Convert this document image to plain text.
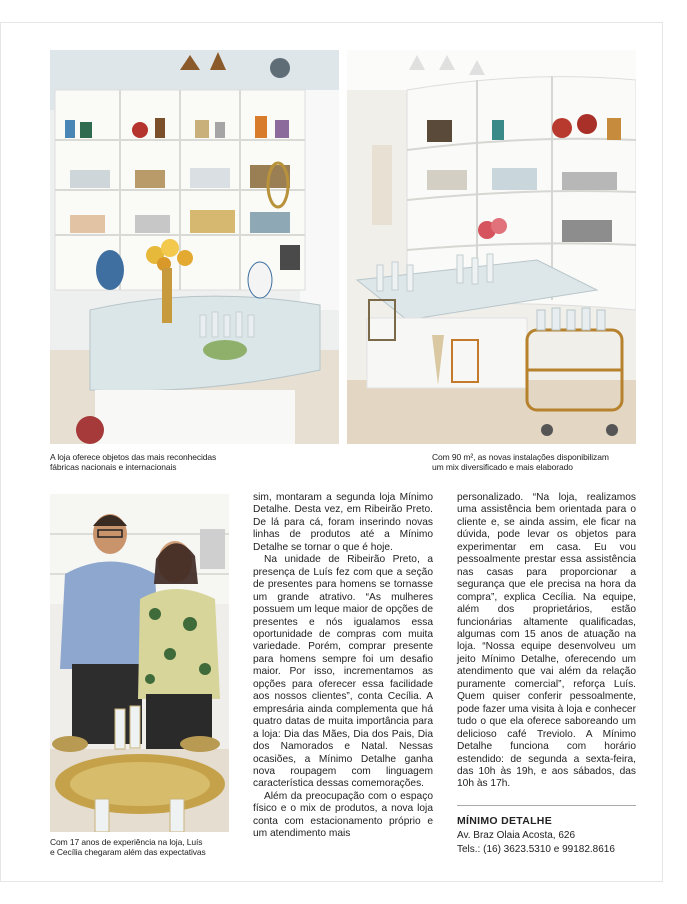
A loja oferece objetos das mais reconhecidas
fábricas nacionais e internacionais
Com 90 m², as novas instalações disponibilizam
um mix diversificado e mais elaborado
Com 17 anos de experiência na loja, Luís
e Cecília chegaram além das expectativas

sim, montaram a segunda loja Mínimo Detalhe. Desta vez, em Ribeirão Preto. De lá para cá, foram inserindo novas linhas de produtos até a Mínimo Detalhe se tornar o que é hoje.

Na unidade de Ribeirão Preto, a presença de Luís fez com que a seção de presentes para homens se tornasse um grande atrativo. “As mulheres possuem um leque maior de opções de presentes e nós igualamos essa oportunidade de compras com muita variedade. Porém, comprar presente para homens sempre foi um desafio maior. Por isso, incrementamos as opções para oferecer essa facilidade aos nossos clientes”, conta Cecília. A empresária ainda complementa que há quatro datas de muita importância para a loja: Dia das Mães, Dia dos Pais, Dia dos Namorados e Natal. Nessas ocasiões, a Mínimo Detalhe ganha nova roupagem com linguagem característica dessas comemorações.

Além da preocupação com o espaço físico e o mix de produtos, a nova loja conta com estacionamento próprio e um atendimento mais

personalizado. “Na loja, realizamos uma assistência bem orientada para o cliente e, se ainda assim, ele ficar na dúvida, pode levar os objetos para experimentar em casa. Eu vou pessoalmente prestar essa assistência nas casas para proporcionar a segurança que ele precisa na hora da compra”, explica Cecília. Na equipe, além dos proprietários, estão funcionárias altamente qualificadas, algumas com 15 anos de atuação na loja. “Nossa equipe desenvolveu um jeito Mínimo Detalhe, oferecendo um atendimento que vai além da relação puramente comercial”, reforça Luís. Quem quiser conferir pessoalmente, pode fazer uma visita à loja e conhecer tudo o que ela oferece saboreando um delicioso café Treviolo. A Mínimo Detalhe funciona com horário estendido: de segunda a sexta-feira, das 10h às 19h, e aos sábados, das 10h às 17h.

MÍNIMO DETALHE
Av. Braz Olaia Acosta, 626
Tels.: (16) 3623.5310 e 99182.8616
